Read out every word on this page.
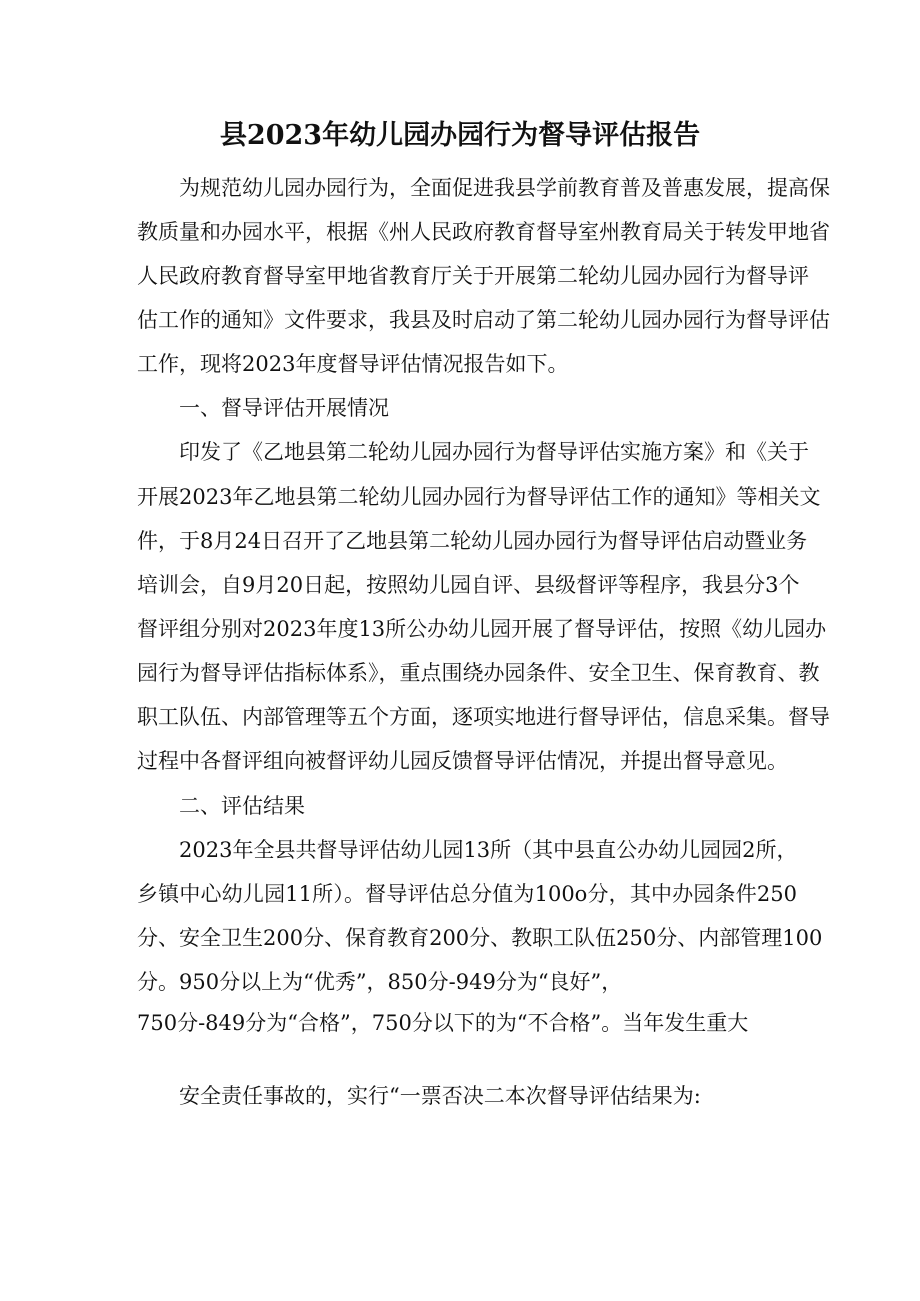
县2023年幼儿园办园行为督导评估报告
为规范幼儿园办园行为，全面促进我县学前教育普及普惠发展，提高保
教质量和办园水平，根据《州人民政府教育督导室州教育局关于转发甲地省
人民政府教育督导室甲地省教育厅关于开展第二轮幼儿园办园行为督导评
估工作的通知》文件要求，我县及时启动了第二轮幼儿园办园行为督导评估
工作，现将2023年度督导评估情况报告如下。
一、督导评估开展情况
印发了《乙地县第二轮幼儿园办园行为督导评估实施方案》和《关于
开展2023年乙地县第二轮幼儿园办园行为督导评估工作的通知》等相关文
件，于8月24日召开了乙地县第二轮幼儿园办园行为督导评估启动暨业务
培训会，自9月20日起，按照幼儿园自评、县级督评等程序，我县分3个
督评组分别对2023年度13所公办幼儿园开展了督导评估，按照《幼儿园办
园行为督导评估指标体系》，重点围绕办园条件、安全卫生、保育教育、教
职工队伍、内部管理等五个方面，逐项实地进行督导评估，信息采集。督导
过程中各督评组向被督评幼儿园反馈督导评估情况，并提出督导意见。
二、评估结果
2023年全县共督导评估幼儿园13所（其中县直公办幼儿园园2所，
乡镇中心幼儿园11所）。督导评估总分值为100o分，其中办园条件250
分、安全卫生200分、保育教育200分、教职工队伍250分、内部管理100
分。950分以上为“优秀”，850分-949分为“良好”，
750分-849分为“合格”，750分以下的为“不合格”。当年发生重大
安全责任事故的，实行“一票否决二本次督导评估结果为:
